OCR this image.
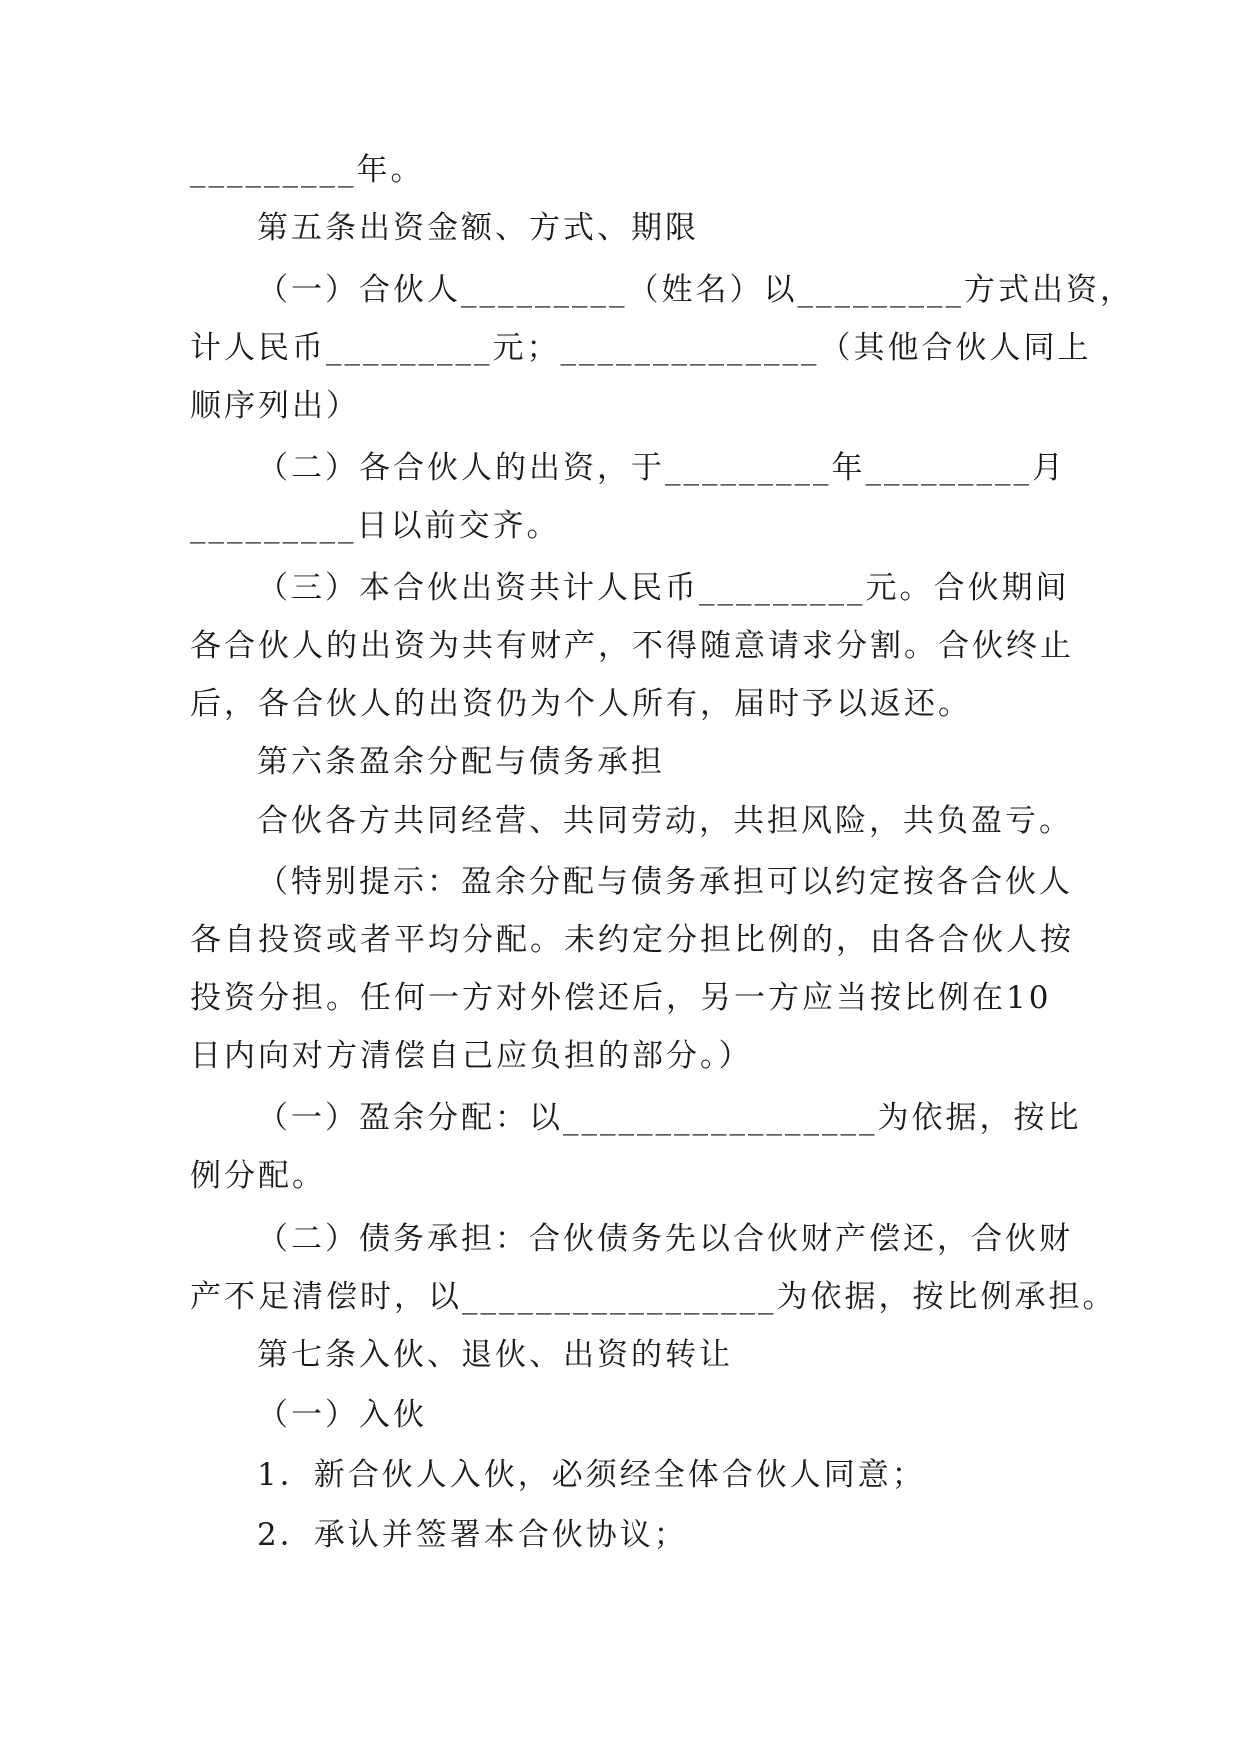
_________年。

第五条出资金额、方式、期限

（一）合伙人_________（姓名）以_________方式出资，

计人民币_________元；______________（其他合伙人同上

顺序列出）

（二）各合伙人的出资，于_________年_________月

_________日以前交齐。

（三）本合伙出资共计人民币_________元。合伙期间

各合伙人的出资为共有财产，不得随意请求分割。合伙终止

后，各合伙人的出资仍为个人所有，届时予以返还。

第六条盈余分配与债务承担

合伙各方共同经营、共同劳动，共担风险，共负盈亏。

（特别提示：盈余分配与债务承担可以约定按各合伙人

各自投资或者平均分配。未约定分担比例的，由各合伙人按

投资分担。任何一方对外偿还后，另一方应当按比例在10

日内向对方清偿自己应负担的部分。）

（一）盈余分配：以_________________为依据，按比

例分配。

（二）债务承担：合伙债务先以合伙财产偿还，合伙财

产不足清偿时，以_________________为依据，按比例承担。

第七条入伙、退伙、出资的转让

（一）入伙

1．新合伙人入伙，必须经全体合伙人同意；

2．承认并签署本合伙协议；
